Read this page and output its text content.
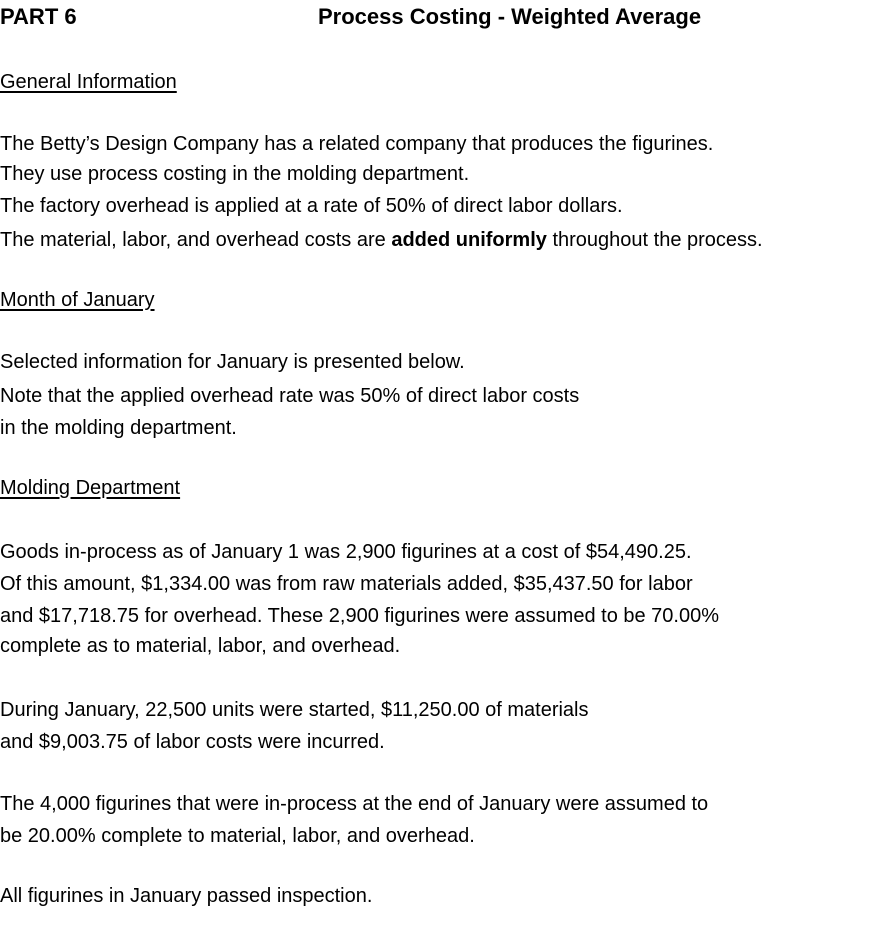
PART 6	Process Costing - Weighted Average
General Information
The Betty’s Design Company has a related company that produces the figurines.
They use process costing in the molding department.
The factory overhead is applied at a rate of 50% of direct labor dollars.
The material, labor, and overhead costs are added uniformly throughout the process.
Month of January
Selected information for January is presented below.
Note that the applied overhead rate was 50% of direct labor costs
in the molding department.
Molding Department
Goods in-process as of January 1 was 2,900 figurines at a cost of $54,490.25.
Of this amount, $1,334.00 was from raw materials added, $35,437.50 for labor
and $17,718.75 for overhead. These 2,900 figurines were assumed to be 70.00%
complete as to material, labor, and overhead.
During January, 22,500 units were started, $11,250.00 of materials
and $9,003.75 of labor costs were incurred.
The 4,000 figurines that were in-process at the end of January were assumed to
be 20.00% complete to material, labor, and overhead.
All figurines in January passed inspection.
